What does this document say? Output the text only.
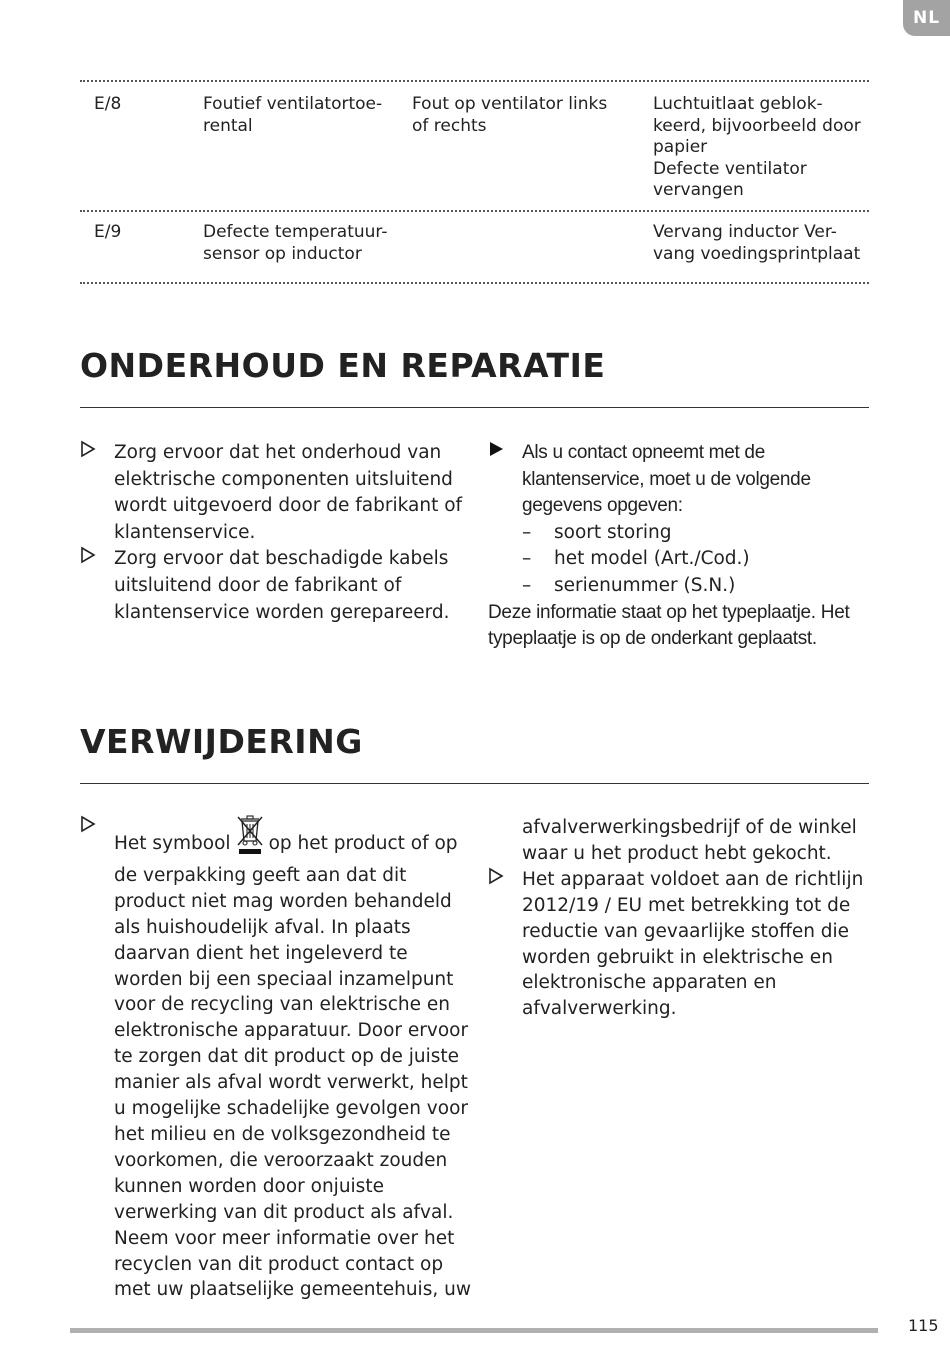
NL
E/8	Foutief ventilatortoe-
rental
Fout op ventilator links
of rechts
Luchtuitlaat geblok-
keerd, bijvoorbeeld door
papier
Defecte ventilator
vervangen
E/9	Defecte temperatuur-
sensor op inductor
Vervang inductor Ver-
vang voedingsprintplaat
ONDERHOUD EN REPARATIE
Zorg ervoor dat het onderhoud van elektrische componenten uitsluitend wordt uitgevoerd door de fabrikant of klantenservice.
Zorg ervoor dat beschadigde kabels uitsluitend door de fabrikant of klantenservice worden gerepareerd.
Als u contact opneemt met de klantenservice, moet u de volgende gegevens opgeven:
– soort storing
– het model (Art./Cod.)
– serienummer (S.N.)
Deze informatie staat op het typeplaatje. Het typeplaatje is op de onderkant geplaatst.
VERWIJDERING
Het symbool op het product of op de verpakking geeft aan dat dit product niet mag worden behandeld als huishoudelijk afval. In plaats daarvan dient het ingeleverd te worden bij een speciaal inzamelpunt voor de recycling van elektrische en elektronische apparatuur. Door ervoor te zorgen dat dit product op de juiste manier als afval wordt verwerkt, helpt u mogelijke schadelijke gevolgen voor het milieu en de volksgezondheid te voorkomen, die veroorzaakt zouden kunnen worden door onjuiste verwerking van dit product als afval. Neem voor meer informatie over het recyclen van dit product contact op met uw plaatselijke gemeentehuis, uw
afvalverwerkingsbedrijf of de winkel waar u het product hebt gekocht.
Het apparaat voldoet aan de richtlijn 2012/19 / EU met betrekking tot de reductie van gevaarlijke stoffen die worden gebruikt in elektrische en elektronische apparaten en afvalverwerking.
115
